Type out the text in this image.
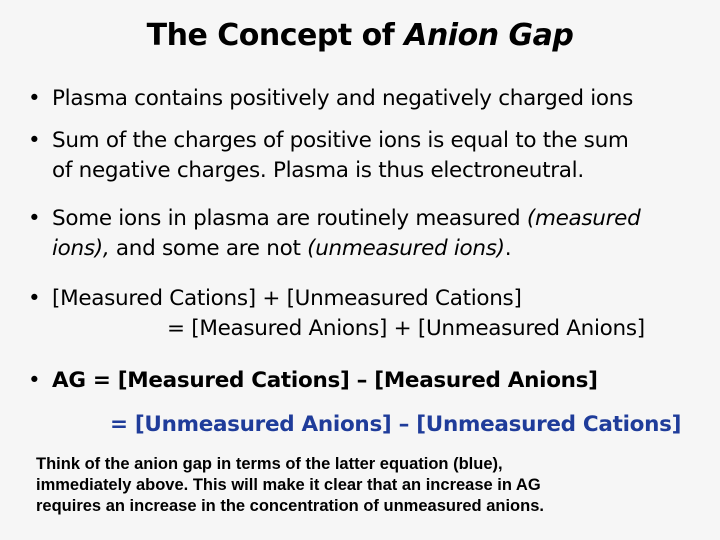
The Concept of Anion Gap
• Plasma contains positively and negatively charged ions
• Sum of the charges of positive ions is equal to the sum
of negative charges. Plasma is thus electroneutral.
• Some ions in plasma are routinely measured (measured
ions), and some are not (unmeasured ions).
• [Measured Cations] + [Unmeasured Cations]
= [Measured Anions] + [Unmeasured Anions]
• AG = [Measured Cations] – [Measured Anions]
= [Unmeasured Anions] – [Unmeasured Cations]
Think of the anion gap in terms of the latter equation (blue),
immediately above. This will make it clear that an increase in AG
requires an increase in the concentration of unmeasured anions.
